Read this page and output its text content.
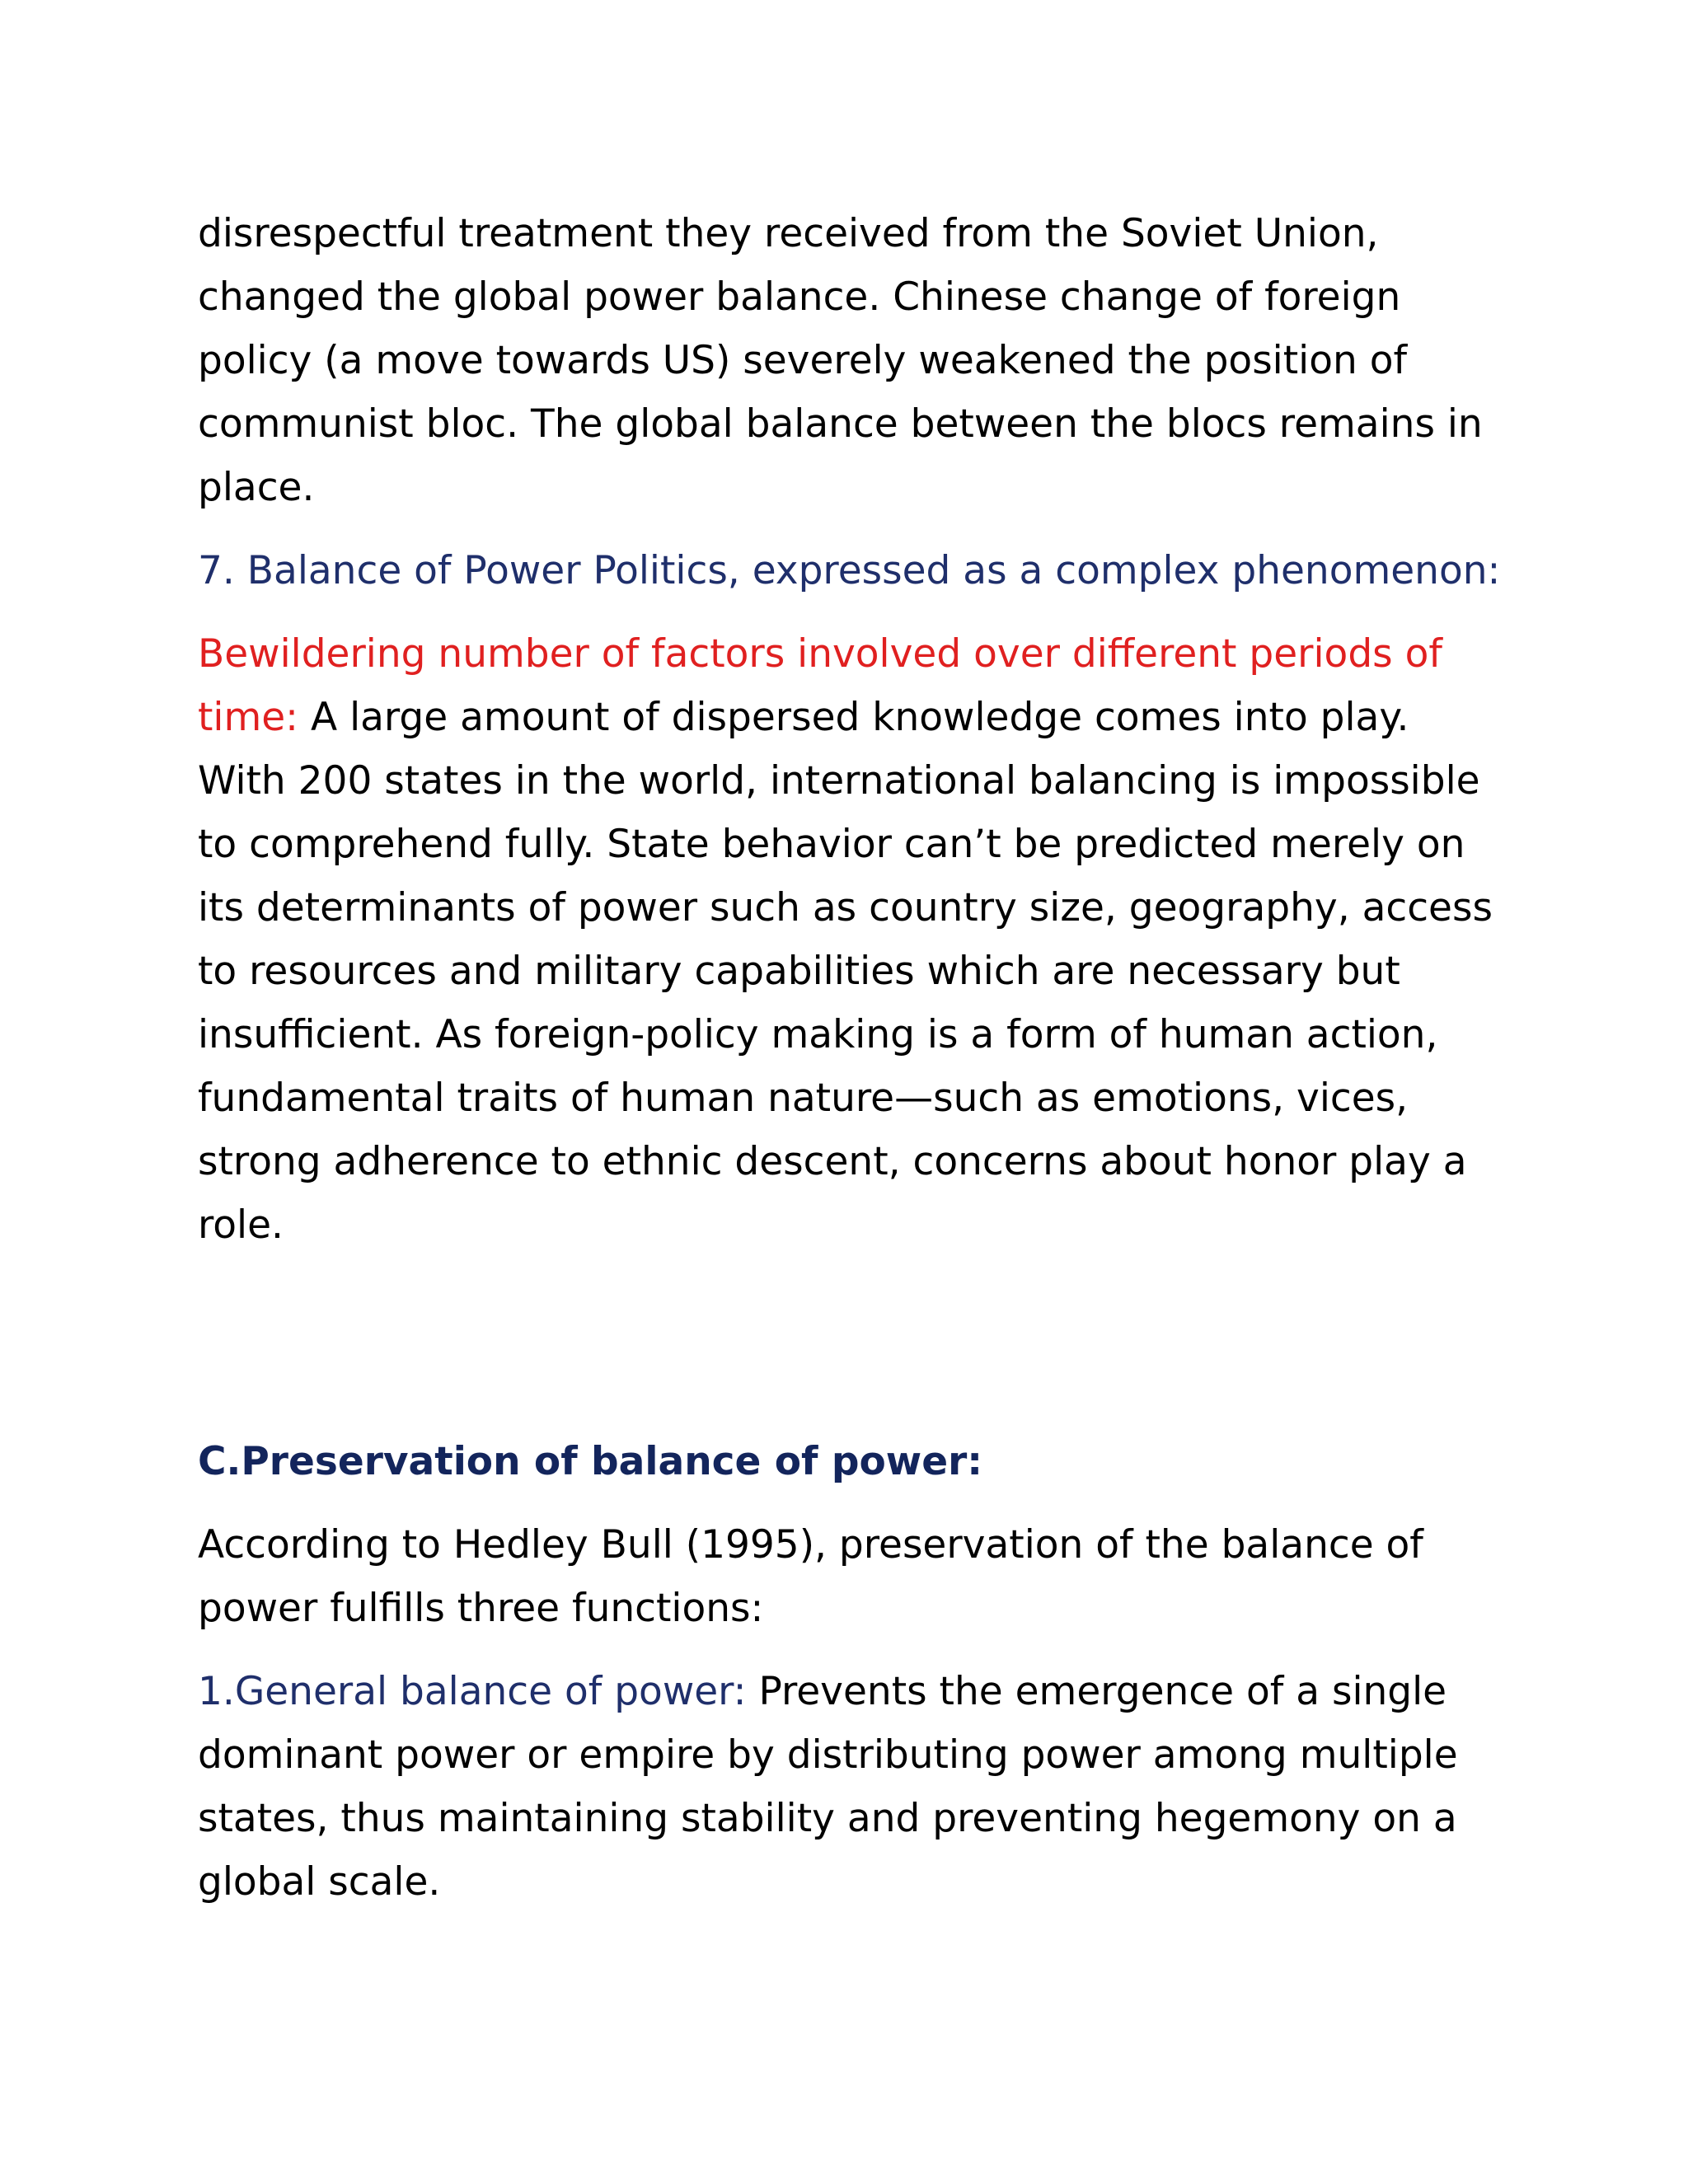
disrespectful treatment they received from the Soviet Union, changed the global power balance. Chinese change of foreign policy (a move towards US) severely weakened the position of communist bloc. The global balance between the blocs remains in place.

7. Balance of Power Politics, expressed as a complex phenomenon:

Bewildering number of factors involved over different periods of time: A large amount of dispersed knowledge comes into play. With 200 states in the world, international balancing is impossible to comprehend fully. State behavior can’t be predicted merely on its determinants of power such as country size, geography, access to resources and military capabilities which are necessary but insufficient. As foreign-policy making is a form of human action, fundamental traits of human nature—such as emotions, vices, strong adherence to ethnic descent, concerns about honor play a role.

C.Preservation of balance of power:

According to Hedley Bull (1995), preservation of the balance of power fulfills three functions:

1.General balance of power: Prevents the emergence of a single dominant power or empire by distributing power among multiple states, thus maintaining stability and preventing hegemony on a global scale.
